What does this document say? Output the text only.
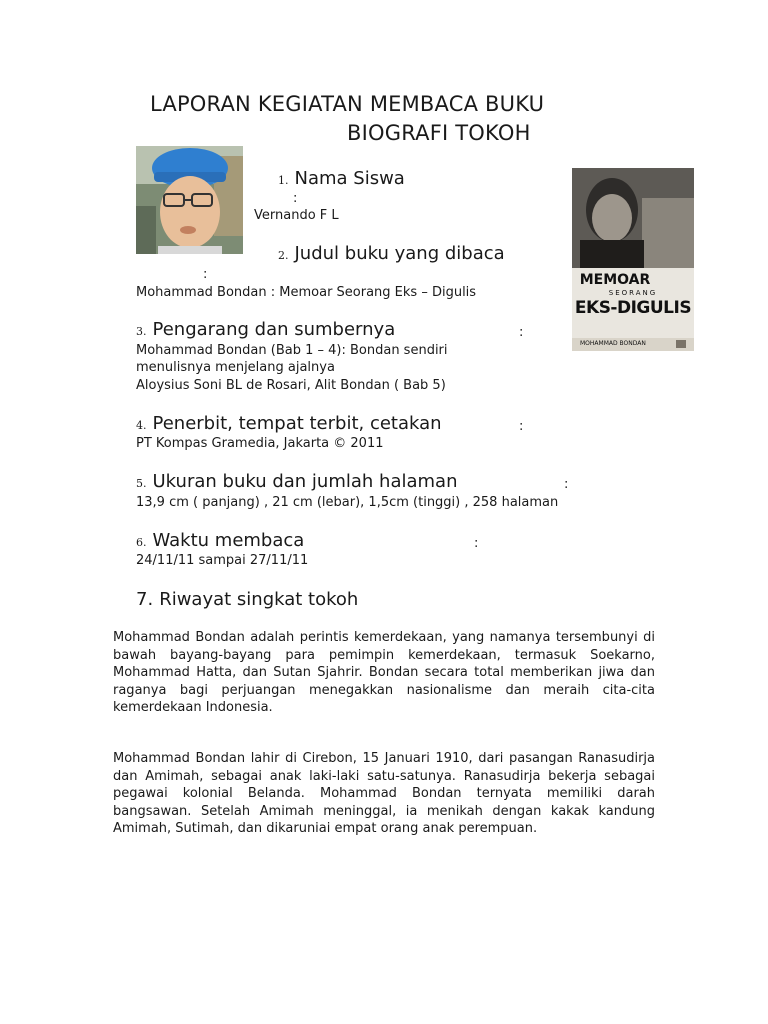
LAPORAN KEGIATAN MEMBACA BUKU
BIOGRAFI TOKOH
MEMOAR
SEORANG
EKS-DIGULIS
MOHAMMAD BONDAN
1. Nama Siswa
:
Vernando F L
2. Judul buku yang dibaca
:
Mohammad Bondan : Memoar Seorang Eks – Digulis
3. Pengarang dan sumbernya	:
Mohammad Bondan (Bab 1 – 4): Bondan sendiri
menulisnya menjelang ajalnya
Aloysius Soni BL de Rosari, Alit Bondan ( Bab 5)
4. Penerbit, tempat terbit, cetakan	:
PT Kompas Gramedia, Jakarta © 2011
5. Ukuran buku dan jumlah halaman	:
13,9 cm ( panjang) , 21 cm (lebar), 1,5cm (tinggi) , 258 halaman
6. Waktu membaca	:
24/11/11 sampai 27/11/11
7. Riwayat singkat tokoh
Mohammad Bondan adalah perintis kemerdekaan, yang namanya tersembunyi di bawah bayang-bayang para pemimpin kemerdekaan, termasuk Soekarno, Mohammad Hatta, dan Sutan Sjahrir. Bondan secara total memberikan jiwa dan raganya bagi perjuangan menegakkan nasionalisme dan meraih cita-cita kemerdekaan Indonesia.
Mohammad Bondan lahir di Cirebon, 15 Januari 1910, dari pasangan Ranasudirja dan Amimah, sebagai anak laki-laki satu-satunya. Ranasudirja bekerja sebagai pegawai kolonial Belanda. Mohammad Bondan ternyata memiliki darah bangsawan. Setelah Amimah meninggal, ia menikah dengan kakak kandung Amimah, Sutimah, dan dikaruniai empat orang anak perempuan.
